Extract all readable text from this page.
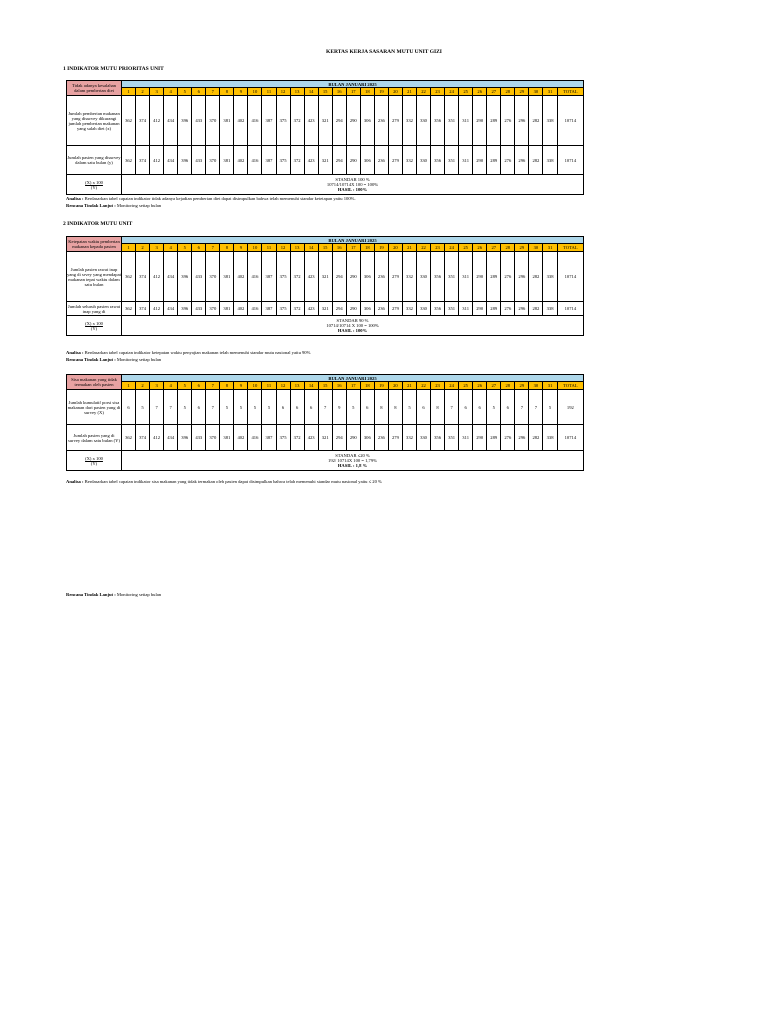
KERTAS KERJA SASARAN MUTU UNIT GIZI
1 INDIKATOR MUTU PRIORITAS UNIT
Tidak adanya kesalahan dalam pemberian diet	BULAN JANUARI 2025																															
	1	2	3	4	5	6	7	8	9	10	11	12	13	14	15	16	17	18	19	20	21	22	23	24	25	26	27	28	29	30	31	TOTAL
Jumlah pemberian makanan yang disurvey dikurangi jumlah pemberian makanan yang salah diet (x)	362	374	412	434	396	433	370	381	402	416	387	375	372	423	321	294	290	306	236	279	332	330	356	351	311	290	289	276	296	282	338	10714
Jumlah pasien yang disurvey dalam satu bulan (y)	362	374	412	434	396	433	370	381	402	416	387	375	372	423	321	294	290	306	236	279	332	330	356	351	311	290	289	276	296	282	338	10714
(X) x 100
(Y)	STANDAR 100 %
10714/10714X 100 = 100%
HASIL : 100%																															
Analisa : Berdasarkan tabel capaian indikator tidak adanya kejadian pemberian diet dapat disimpulkan bahwa telah memenuhi standar ketetapan yaitu 100%.
Rencana Tindak Lanjut : Monitoring setiap bulan
2 INDIKATOR MUTU UNIT
Ketepatan waktu pemberian makanan kepada pasien	BULAN JANUARI 2025																															
	1	2	3	4	5	6	7	8	9	10	11	12	13	14	15	16	17	18	19	20	21	22	23	24	25	26	27	28	29	30	31	TOTAL
Jumlah pasien rawat inap yang di srvey yang mendapat makanan tepat waktu dalam satu bulan	362	374	412	434	396	433	370	381	402	416	387	375	372	423	321	294	290	306	236	279	332	330	356	351	311	290	289	276	296	282	338	10714
Jumlah seluruh pasien rawat inap yang di	362	374	412	434	396	433	370	381	402	416	387	375	372	423	321	294	290	306	236	279	332	330	356	351	311	290	289	276	296	282	338	10714
(X) x 100
(Y)	STANDAR 90 %
10714/10714 X 100 = 100%
HASIL : 100%																															
Analisa : Berdasarkan tabel capaian indikator ketepatan waktu penyajian makanan telah memenuhi standar mutu nasional yaitu 90%
Rencana Tindak Lanjut : Monitoring setiap bulan
Sisa makanan yang tidak termakan oleh pasien	BULAN JANUARI 2025																															
	1	2	3	4	5	6	7	8	9	10	11	12	13	14	15	16	17	18	19	20	21	22	23	24	25	26	27	28	29	30	31	TOTAL
Jumlah kumulatif porsi sisa makanan dari pasien yang di survey (X)	6	5	7	7	5	6	7	5	5	5	5	6	6	6	7	9	5	6	8	8	5	6	8	7	6	6	5	6	7	7	5	192
Jumlah pasien yang di survey dalam satu bulan (Y)	362	374	412	434	396	433	370	381	402	416	387	375	372	423	321	294	290	306	236	279	332	330	356	351	311	290	289	276	296	282	338	10714
(X) x 100
(Y)	STANDAR ≤20 %
192/ 10714X 100 = 1,79%
HASIL : 1,8 %																															
Analisa : Berdasarkan tabel capaian indikator sisa makanan yang tidak termakan oleh pasien dapat disimpulkan bahwa telah memenuhi standar mutu nasional yaitu ≤ 20 %
Rencana Tindak Lanjut : Monitoring setiap bulan
